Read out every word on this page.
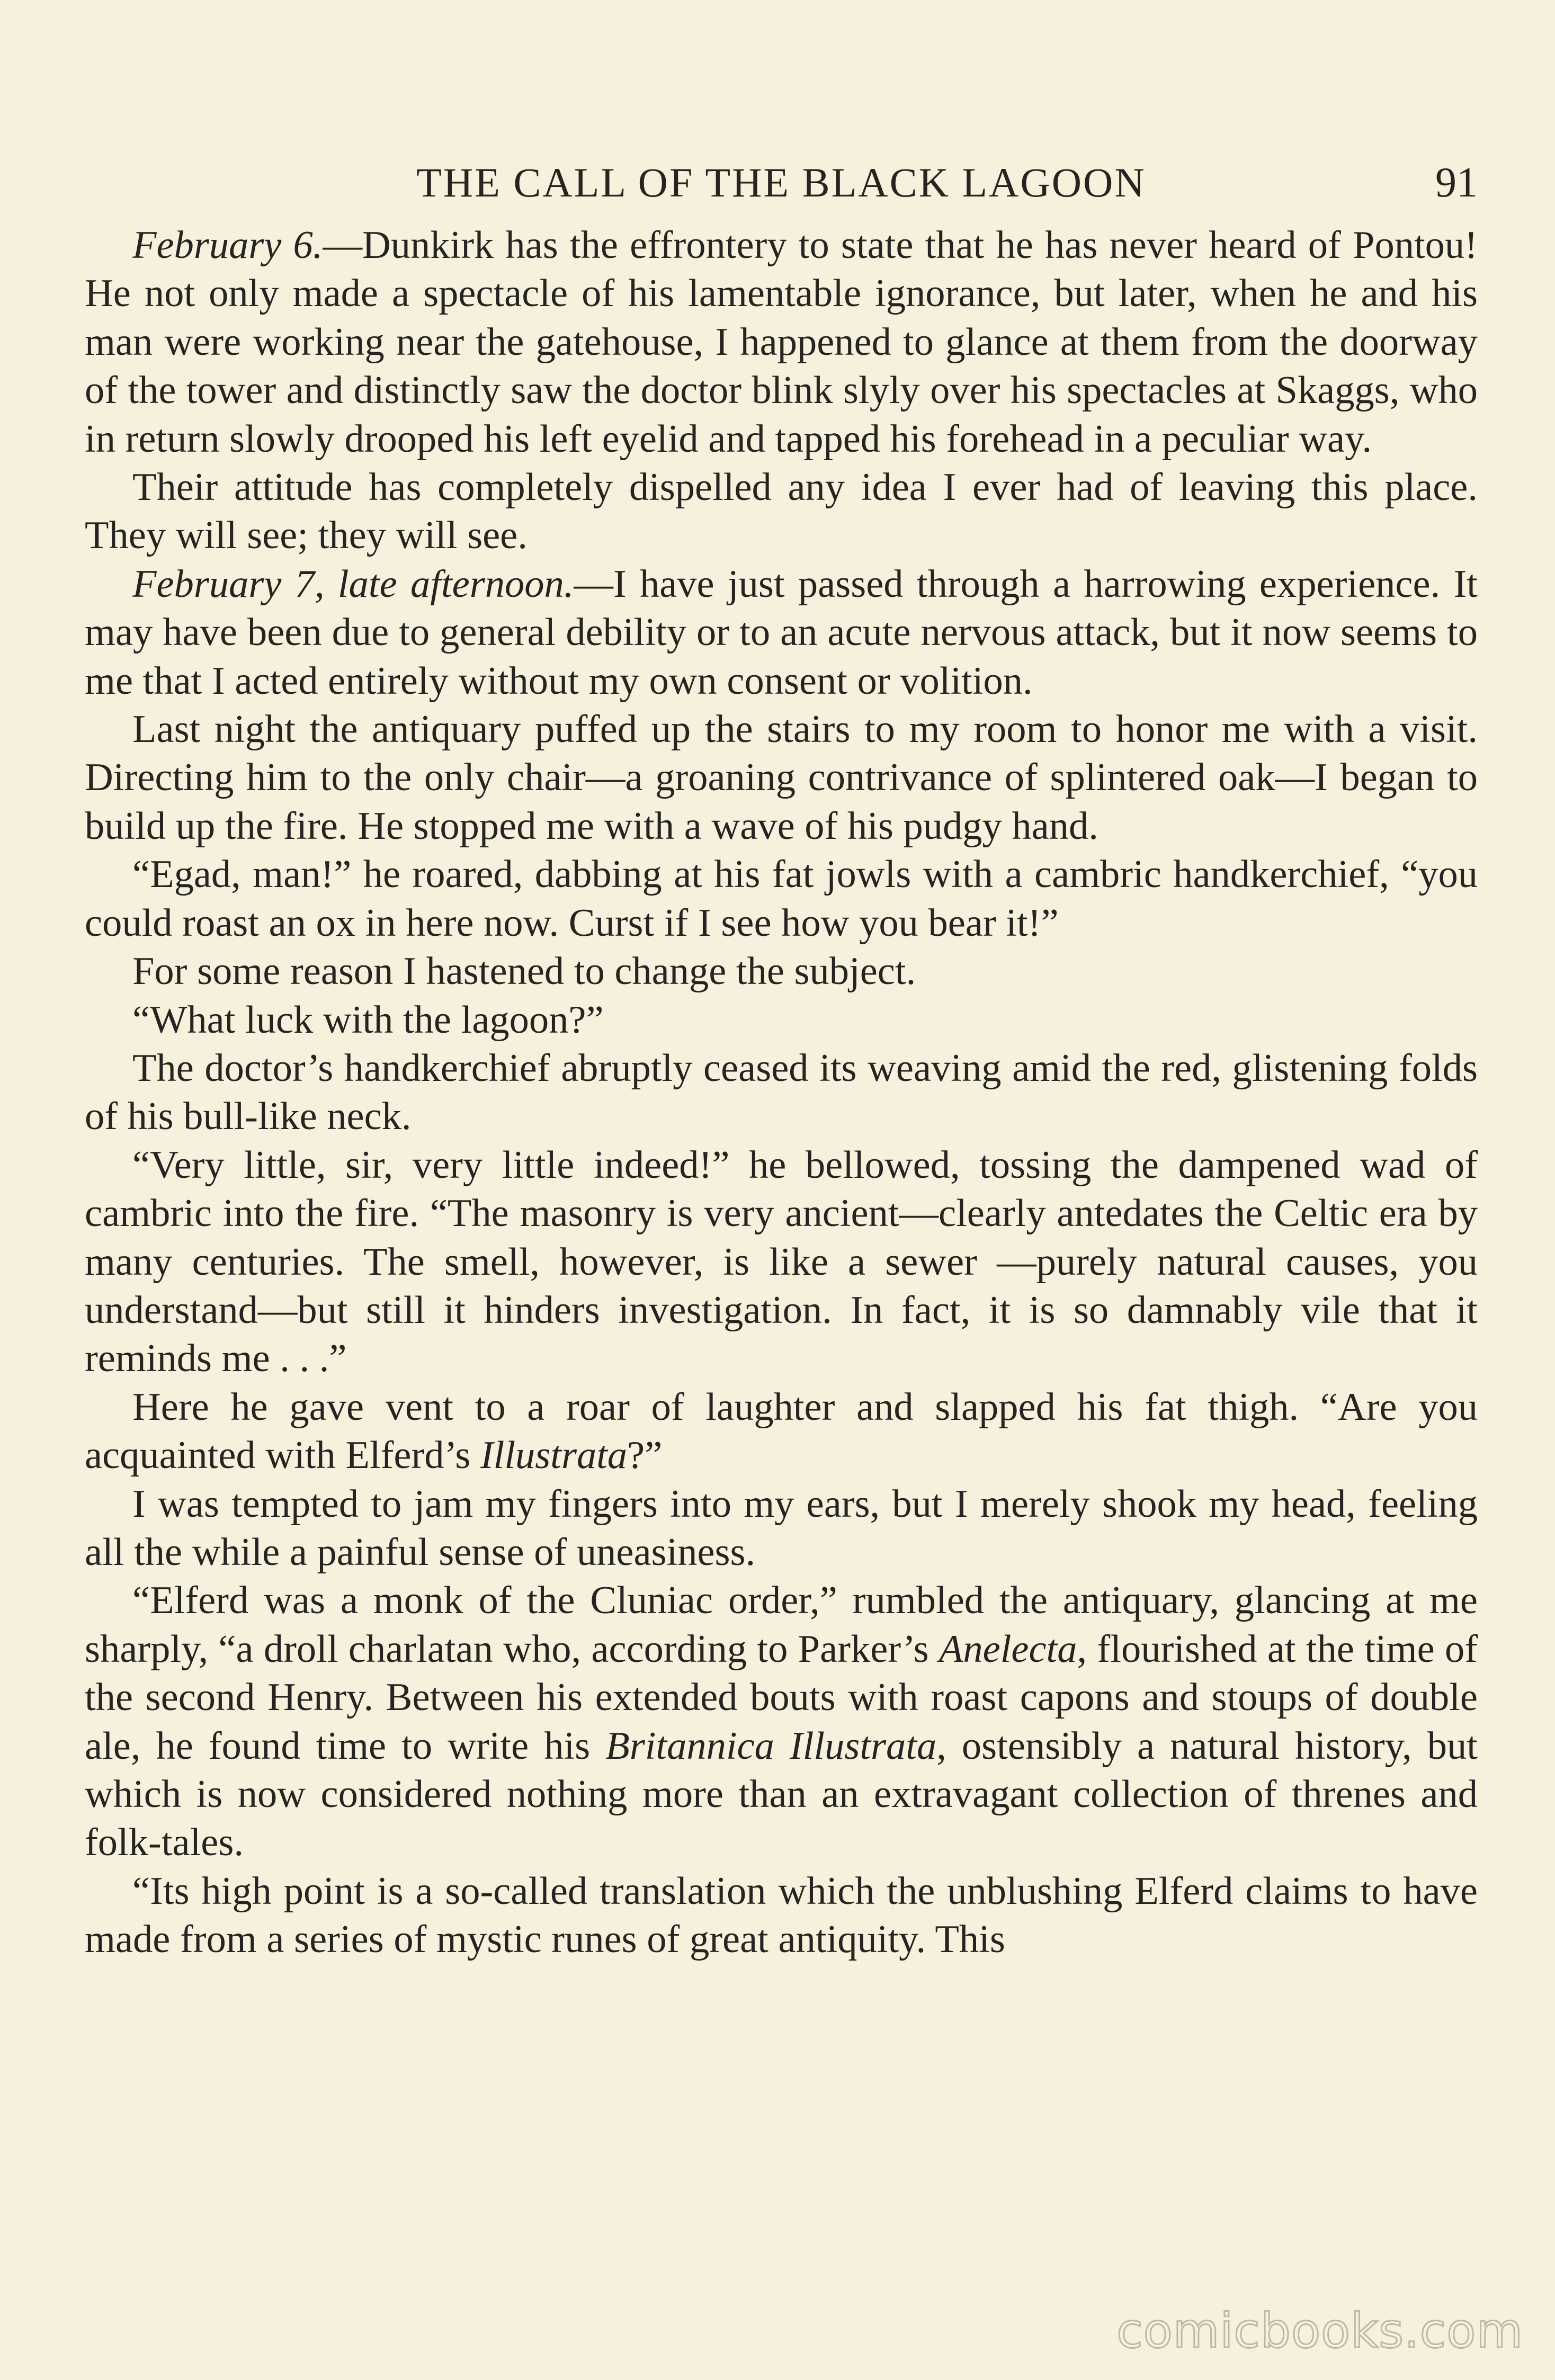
THE CALL OF THE BLACK LAGOON	91

February 6.—Dunkirk has the effrontery to state that he has never heard of Pontou! He not only made a spectacle of his lamentable ignorance, but later, when he and his man were working near the gatehouse, I happened to glance at them from the doorway of the tower and distinctly saw the doctor blink slyly over his spectacles at Skaggs, who in return slowly drooped his left eyelid and tapped his forehead in a peculiar way.

Their attitude has completely dispelled any idea I ever had of leaving this place. They will see; they will see.

February 7, late afternoon.—I have just passed through a harrowing experience. It may have been due to general debility or to an acute nervous attack, but it now seems to me that I acted entirely without my own consent or volition.

Last night the antiquary puffed up the stairs to my room to honor me with a visit. Directing him to the only chair—a groaning contrivance of splintered oak—I began to build up the fire. He stopped me with a wave of his pudgy hand.

“Egad, man!” he roared, dabbing at his fat jowls with a cambric handkerchief, “you could roast an ox in here now. Curst if I see how you bear it!”

For some reason I hastened to change the subject.

“What luck with the lagoon?”

The doctor’s handkerchief abruptly ceased its weaving amid the red, glistening folds of his bull-like neck.

“Very little, sir, very little indeed!” he bellowed, tossing the dampened wad of cambric into the fire. “The masonry is very ancient—clearly antedates the Celtic era by many centuries. The smell, however, is like a sewer —purely natural causes, you understand—but still it hinders investigation. In fact, it is so damnably vile that it reminds me . . .”

Here he gave vent to a roar of laughter and slapped his fat thigh. “Are you acquainted with Elferd’s Illustrata?”

I was tempted to jam my fingers into my ears, but I merely shook my head, feeling all the while a painful sense of uneasiness.

“Elferd was a monk of the Cluniac order,” rumbled the antiquary, glancing at me sharply, “a droll charlatan who, according to Parker’s Anelecta, flourished at the time of the second Henry. Between his extended bouts with roast capons and stoups of double ale, he found time to write his Britannica Illustrata, ostensibly a natural history, but which is now considered nothing more than an extravagant collection of threnes and folk-tales.

“Its high point is a so-called translation which the unblushing Elferd claims to have made from a series of mystic runes of great antiquity. This

comicbooks.com
